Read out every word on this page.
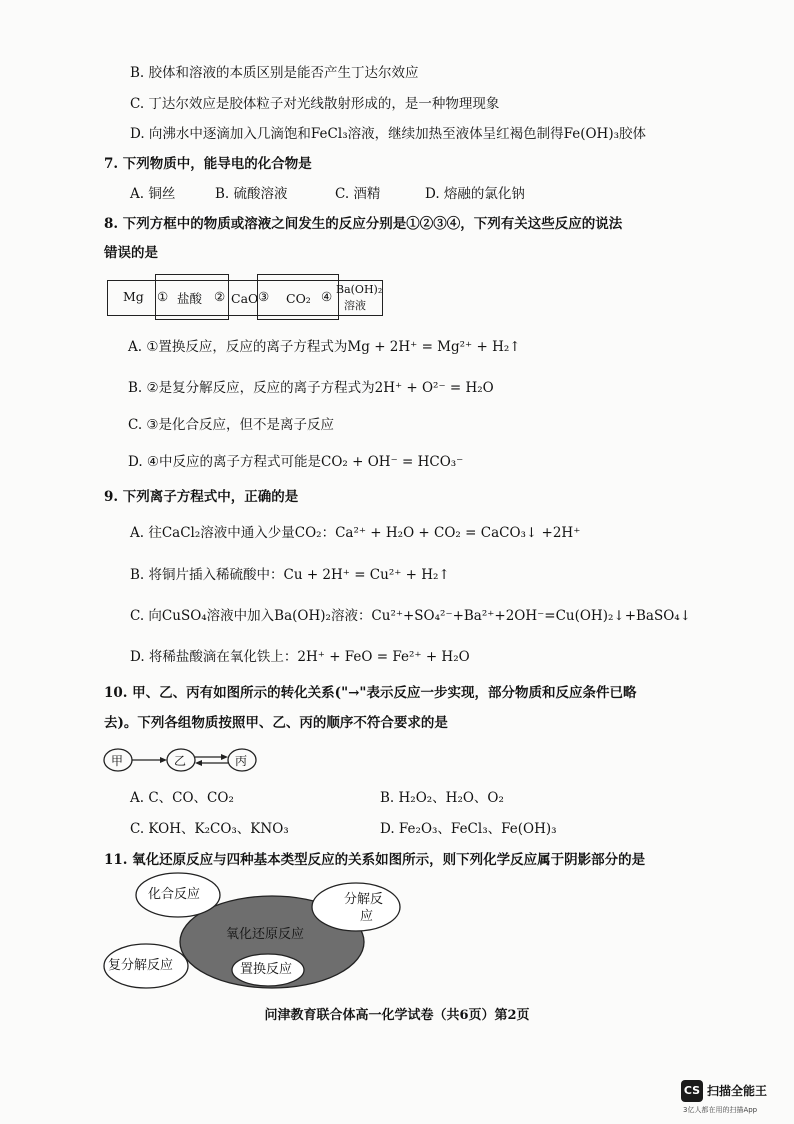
B. 胶体和溶液的本质区别是能否产生丁达尔效应
C. 丁达尔效应是胶体粒子对光线散射形成的，是一种物理现象
D. 向沸水中逐滴加入几滴饱和FeCl₃溶液，继续加热至液体呈红褐色制得Fe(OH)₃胶体
7. 下列物质中，能导电的化合物是
A. 铜丝	B. 硫酸溶液	C. 酒精	D. 熔融的氯化钠
8. 下列方框中的物质或溶液之间发生的反应分别是①②③④，下列有关这些反应的说法
错误的是
Mg ① 盐酸 ② CaO ③ CO₂ ④ Ba(OH)₂
溶液
A. ①置换反应，反应的离子方程式为Mg + 2H⁺ = Mg²⁺ + H₂↑
B. ②是复分解反应，反应的离子方程式为2H⁺ + O²⁻ = H₂O
C. ③是化合反应，但不是离子反应
D. ④中反应的离子方程式可能是CO₂ + OH⁻ = HCO₃⁻
9. 下列离子方程式中，正确的是
A. 往CaCl₂溶液中通入少量CO₂：Ca²⁺ + H₂O + CO₂ = CaCO₃↓ +2H⁺
B. 将铜片插入稀硫酸中：Cu + 2H⁺ = Cu²⁺ + H₂↑
C. 向CuSO₄溶液中加入Ba(OH)₂溶液：Cu²⁺+SO₄²⁻+Ba²⁺+2OH⁻=Cu(OH)₂↓+BaSO₄↓
D. 将稀盐酸滴在氧化铁上：2H⁺ + FeO = Fe²⁺ + H₂O
10. 甲、乙、丙有如图所示的转化关系("→"表示反应一步实现，部分物质和反应条件已略
去)。下列各组物质按照甲、乙、丙的顺序不符合要求的是
甲	乙	丙
A. C、CO、CO₂	B. H₂O₂、H₂O、O₂
C. KOH、K₂CO₃、KNO₃	D. Fe₂O₃、FeCl₃、Fe(OH)₃
11. 氧化还原反应与四种基本类型反应的关系如图所示，则下列化学反应属于阴影部分的是
化合反应	分解反
应
氧化还原反应
复分解反应	置换反应
问津教育联合体高一化学试卷（共6页）第2页
CS 扫描全能王
3亿人都在用的扫描App
